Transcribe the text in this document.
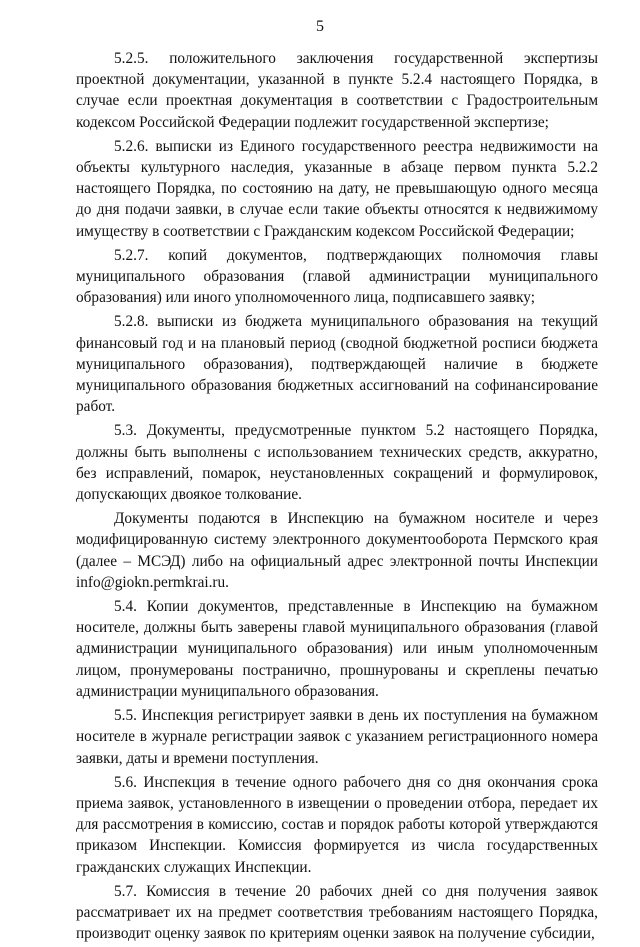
5

5.2.5. положительного заключения государственной экспертизы проектной документации, указанной в пункте 5.2.4 настоящего Порядка, в случае если проектная документация в соответствии с Градостроительным кодексом Российской Федерации подлежит государственной экспертизе;

5.2.6. выписки из Единого государственного реестра недвижимости на объекты культурного наследия, указанные в абзаце первом пункта 5.2.2 настоящего Порядка, по состоянию на дату, не превышающую одного месяца до дня подачи заявки, в случае если такие объекты относятся к недвижимому имуществу в соответствии с Гражданским кодексом Российской Федерации;

5.2.7. копий документов, подтверждающих полномочия главы муниципального образования (главой администрации муниципального образования) или иного уполномоченного лица, подписавшего заявку;

5.2.8. выписки из бюджета муниципального образования на текущий финансовый год и на плановый период (сводной бюджетной росписи бюджета муниципального образования), подтверждающей наличие в бюджете муниципального образования бюджетных ассигнований на софинансирование работ.

5.3. Документы, предусмотренные пунктом 5.2 настоящего Порядка, должны быть выполнены с использованием технических средств, аккуратно, без исправлений, помарок, неустановленных сокращений и формулировок, допускающих двоякое толкование.

Документы подаются в Инспекцию на бумажном носителе и через модифицированную систему электронного документооборота Пермского края (далее – МСЭД) либо на официальный адрес электронной почты Инспекции info@giokn.permkrai.ru.

5.4. Копии документов, представленные в Инспекцию на бумажном носителе, должны быть заверены главой муниципального образования (главой администрации муниципального образования) или иным уполномоченным лицом, пронумерованы постранично, прошнурованы и скреплены печатью администрации муниципального образования.

5.5. Инспекция регистрирует заявки в день их поступления на бумажном носителе в журнале регистрации заявок с указанием регистрационного номера заявки, даты и времени поступления.

5.6. Инспекция в течение одного рабочего дня со дня окончания срока приема заявок, установленного в извещении о проведении отбора, передает их для рассмотрения в комиссию, состав и порядок работы которой утверждаются приказом Инспекции. Комиссия формируется из числа государственных гражданских служащих Инспекции.

5.7. Комиссия в течение 20 рабочих дней со дня получения заявок рассматривает их на предмет соответствия требованиям настоящего Порядка, производит оценку заявок по критериям оценки заявок на получение субсидии,
